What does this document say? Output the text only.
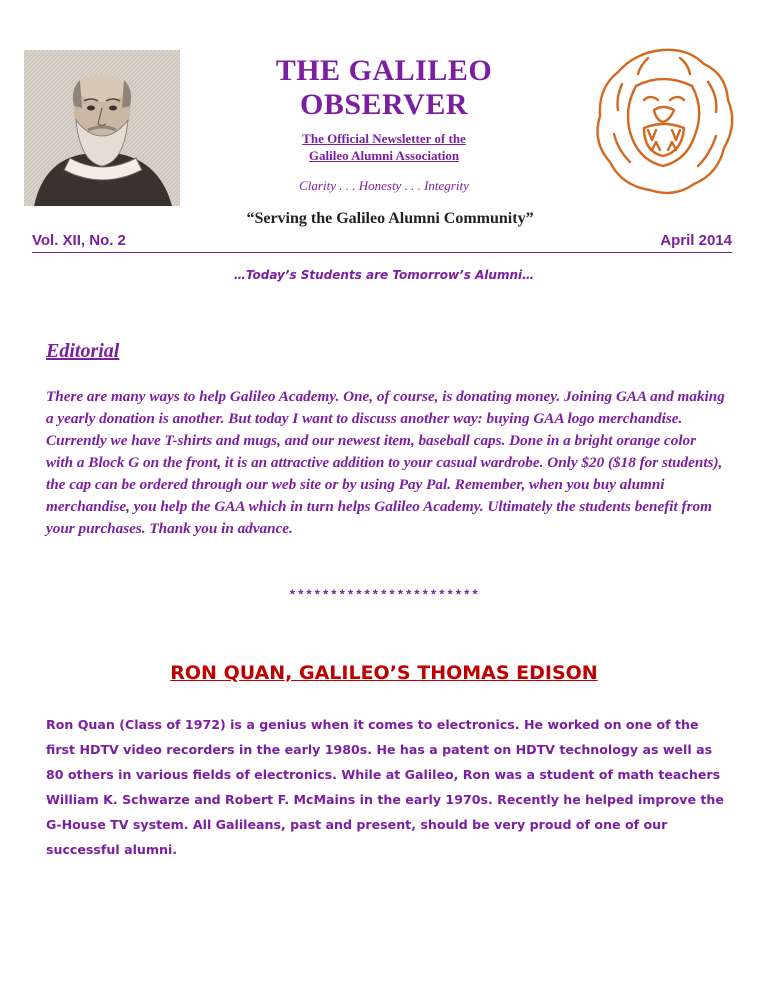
THE GALILEO
OBSERVER
The Official Newsletter of the
Galileo Alumni Association
Clarity . . . Honesty . . . Integrity
“Serving the Galileo Alumni Community”
Vol. XII, No. 2	April 2014
…Today’s Students are Tomorrow’s Alumni…
Editorial
There are many ways to help Galileo Academy. One, of course, is donating money. Joining GAA and making a yearly donation is another. But today I want to discuss another way: buying GAA logo merchandise. Currently we have T-shirts and mugs, and our newest item, baseball caps. Done in a bright orange color with a Block G on the front, it is an attractive addition to your casual wardrobe. Only $20 ($18 for students), the cap can be ordered through our web site or by using Pay Pal. Remember, when you buy alumni merchandise, you help the GAA which in turn helps Galileo Academy. Ultimately the students benefit from your purchases. Thank you in advance.
***********************
RON QUAN, GALILEO’S THOMAS EDISON
Ron Quan (Class of 1972) is a genius when it comes to electronics. He worked on one of the first HDTV video recorders in the early 1980s. He has a patent on HDTV technology as well as 80 others in various fields of electronics. While at Galileo, Ron was a student of math teachers William K. Schwarze and Robert F. McMains in the early 1970s. Recently he helped improve the G-House TV system. All Galileans, past and present, should be very proud of one of our successful alumni.
